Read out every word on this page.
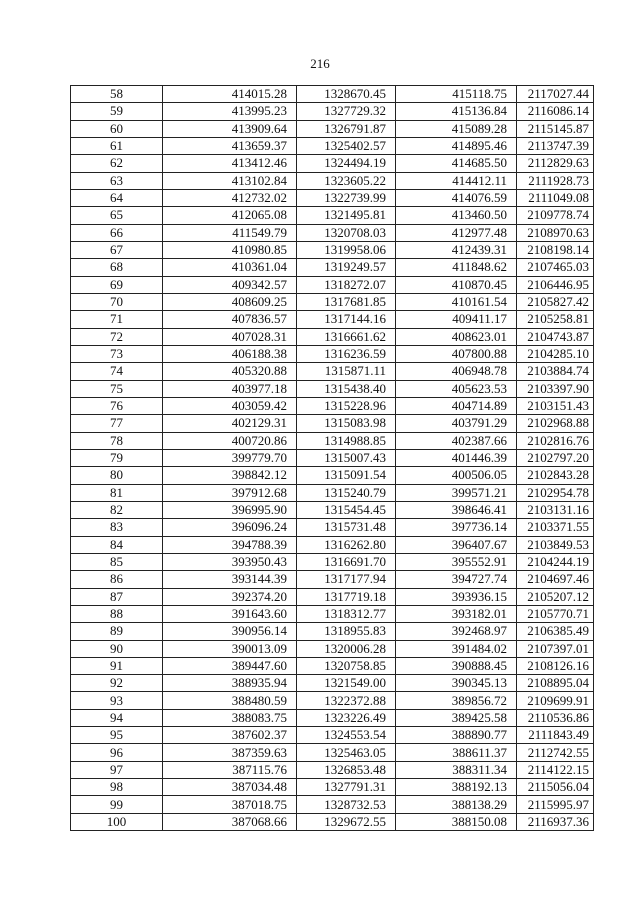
216
58	414015.28	1328670.45	415118.75	2117027.44
59	413995.23	1327729.32	415136.84	2116086.14
60	413909.64	1326791.87	415089.28	2115145.87
61	413659.37	1325402.57	414895.46	2113747.39
62	413412.46	1324494.19	414685.50	2112829.63
63	413102.84	1323605.22	414412.11	2111928.73
64	412732.02	1322739.99	414076.59	2111049.08
65	412065.08	1321495.81	413460.50	2109778.74
66	411549.79	1320708.03	412977.48	2108970.63
67	410980.85	1319958.06	412439.31	2108198.14
68	410361.04	1319249.57	411848.62	2107465.03
69	409342.57	1318272.07	410870.45	2106446.95
70	408609.25	1317681.85	410161.54	2105827.42
71	407836.57	1317144.16	409411.17	2105258.81
72	407028.31	1316661.62	408623.01	2104743.87
73	406188.38	1316236.59	407800.88	2104285.10
74	405320.88	1315871.11	406948.78	2103884.74
75	403977.18	1315438.40	405623.53	2103397.90
76	403059.42	1315228.96	404714.89	2103151.43
77	402129.31	1315083.98	403791.29	2102968.88
78	400720.86	1314988.85	402387.66	2102816.76
79	399779.70	1315007.43	401446.39	2102797.20
80	398842.12	1315091.54	400506.05	2102843.28
81	397912.68	1315240.79	399571.21	2102954.78
82	396995.90	1315454.45	398646.41	2103131.16
83	396096.24	1315731.48	397736.14	2103371.55
84	394788.39	1316262.80	396407.67	2103849.53
85	393950.43	1316691.70	395552.91	2104244.19
86	393144.39	1317177.94	394727.74	2104697.46
87	392374.20	1317719.18	393936.15	2105207.12
88	391643.60	1318312.77	393182.01	2105770.71
89	390956.14	1318955.83	392468.97	2106385.49
90	390013.09	1320006.28	391484.02	2107397.01
91	389447.60	1320758.85	390888.45	2108126.16
92	388935.94	1321549.00	390345.13	2108895.04
93	388480.59	1322372.88	389856.72	2109699.91
94	388083.75	1323226.49	389425.58	2110536.86
95	387602.37	1324553.54	388890.77	2111843.49
96	387359.63	1325463.05	388611.37	2112742.55
97	387115.76	1326853.48	388311.34	2114122.15
98	387034.48	1327791.31	388192.13	2115056.04
99	387018.75	1328732.53	388138.29	2115995.97
100	387068.66	1329672.55	388150.08	2116937.36
